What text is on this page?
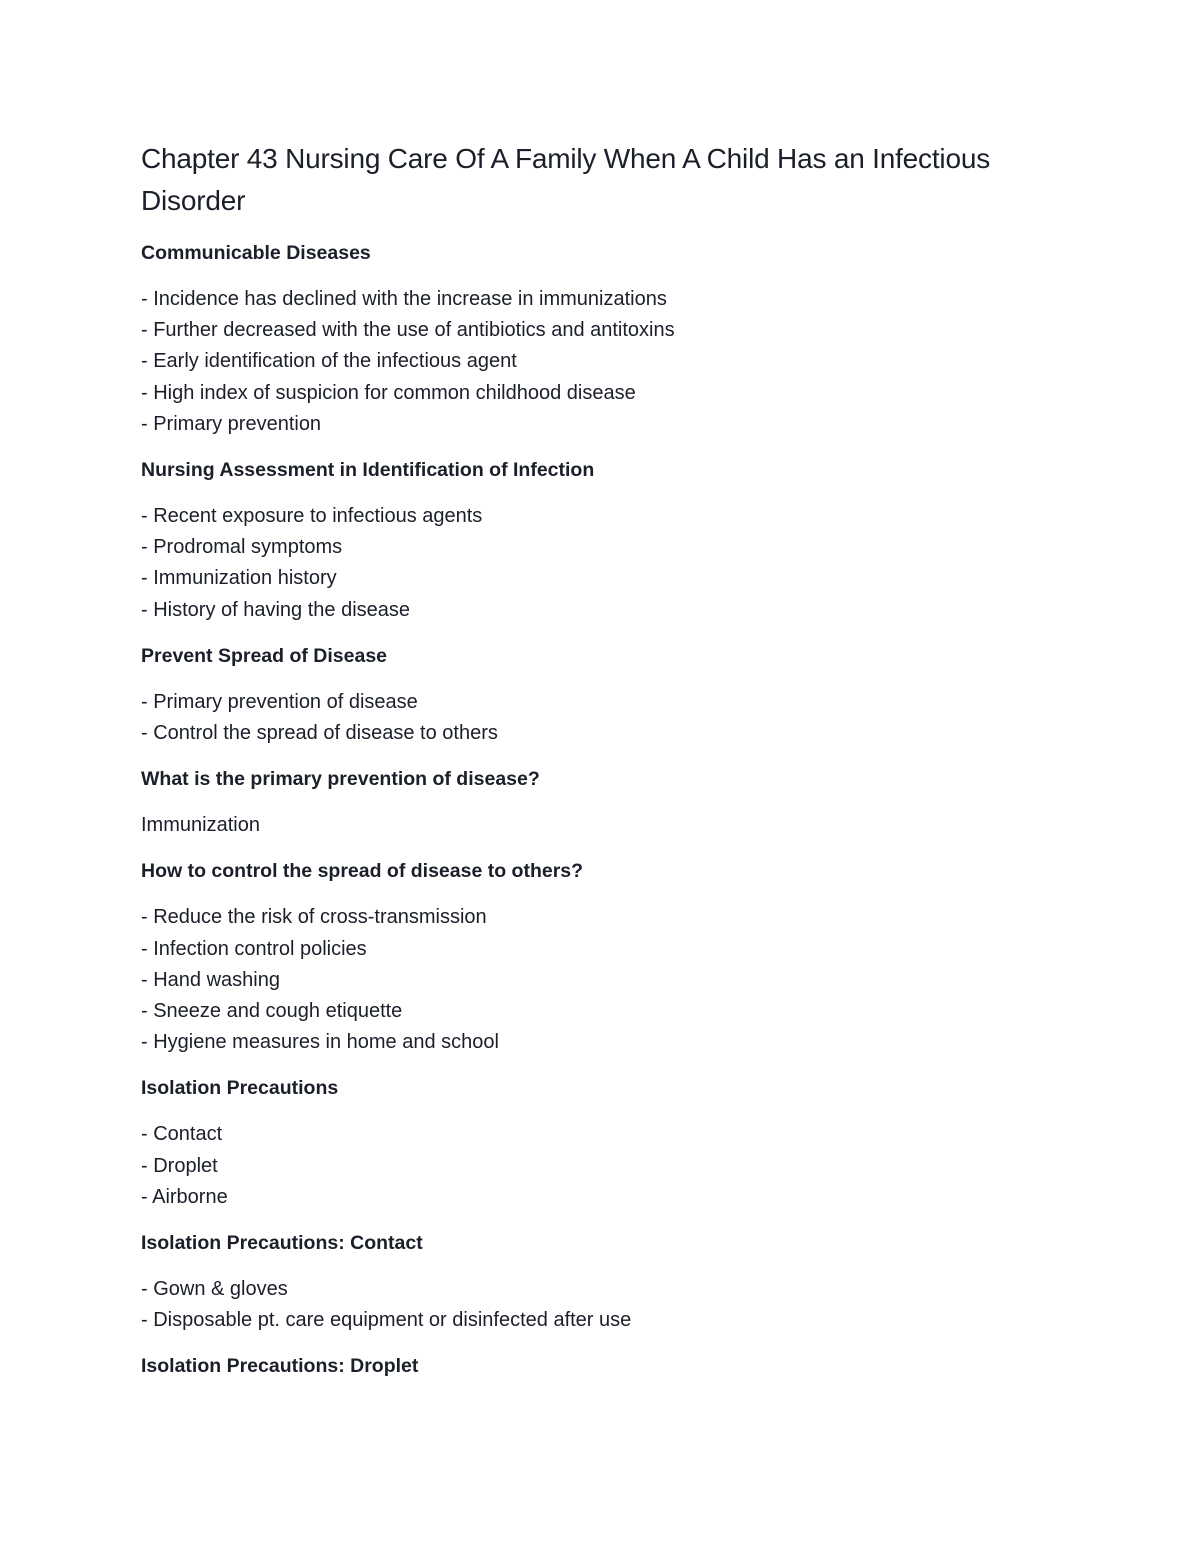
Chapter 43 Nursing Care Of A Family When A Child Has an Infectious Disorder
Communicable Diseases
- Incidence has declined with the increase in immunizations
- Further decreased with the use of antibiotics and antitoxins
- Early identification of the infectious agent
- High index of suspicion for common childhood disease
- Primary prevention
Nursing Assessment in Identification of Infection
- Recent exposure to infectious agents
- Prodromal symptoms
- Immunization history
- History of having the disease
Prevent Spread of Disease
- Primary prevention of disease
- Control the spread of disease to others
What is the primary prevention of disease?
Immunization
How to control the spread of disease to others?
- Reduce the risk of cross-transmission
- Infection control policies
- Hand washing
- Sneeze and cough etiquette
- Hygiene measures in home and school
Isolation Precautions
- Contact
- Droplet
- Airborne
Isolation Precautions: Contact
- Gown & gloves
- Disposable pt. care equipment or disinfected after use
Isolation Precautions: Droplet
